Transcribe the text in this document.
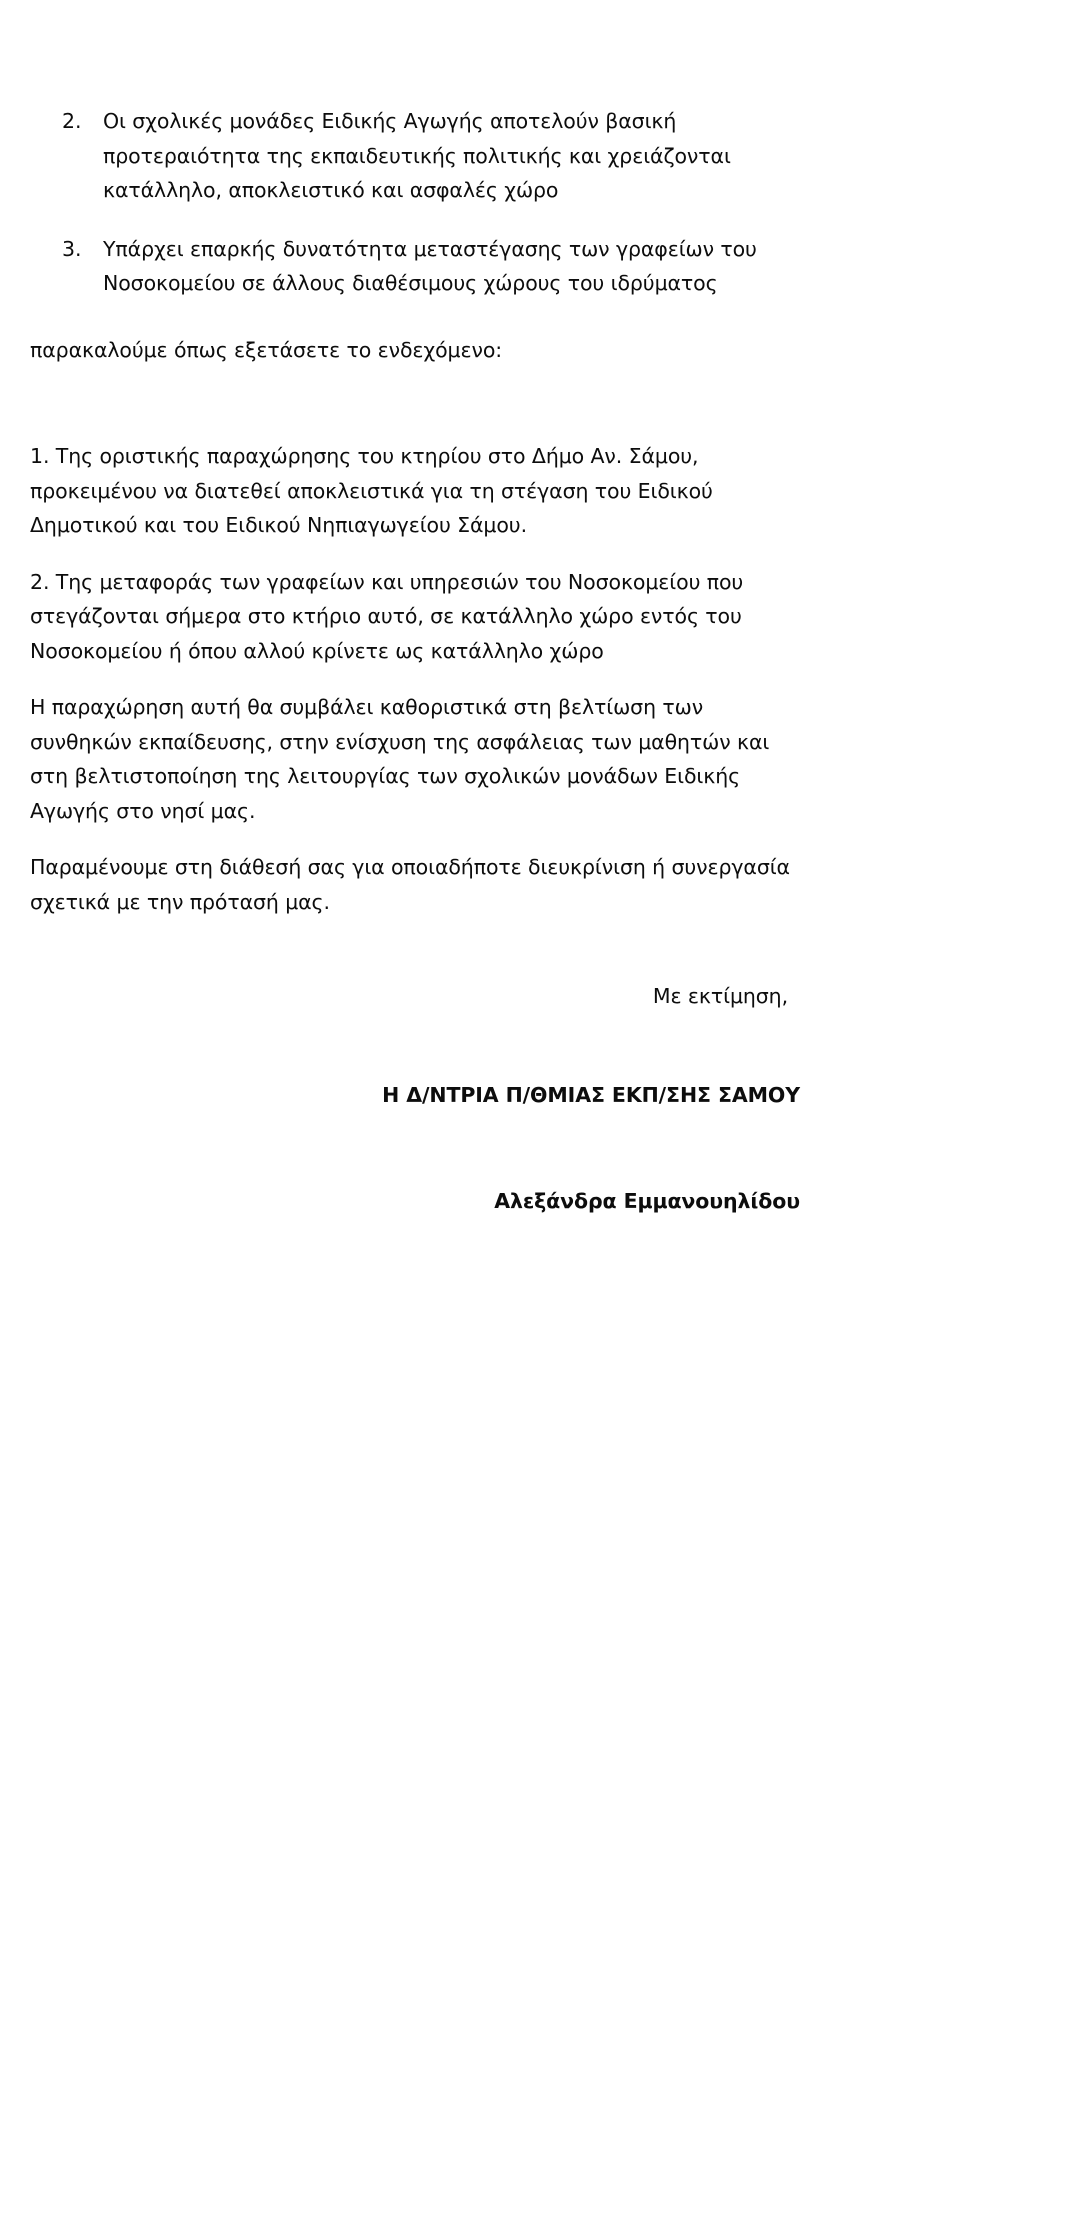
2.	Οι σχολικές μονάδες Ειδικής Αγωγής αποτελούν βασική προτεραιότητα της εκπαιδευτικής πολιτικής και χρειάζονται κατάλληλο, αποκλειστικό και ασφαλές χώρο
3.	Υπάρχει επαρκής δυνατότητα μεταστέγασης των γραφείων του Νοσοκομείου σε άλλους διαθέσιμους χώρους του ιδρύματος

παρακαλούμε όπως εξετάσετε το ενδεχόμενο:

1. Της οριστικής παραχώρησης του κτηρίου στο Δήμο Αν. Σάμου, προκειμένου να διατεθεί αποκλειστικά για τη στέγαση του Ειδικού Δημοτικού και του Ειδικού Νηπιαγωγείου Σάμου.

2. Της μεταφοράς των γραφείων και υπηρεσιών του Νοσοκομείου που στεγάζονται σήμερα στο κτήριο αυτό, σε κατάλληλο χώρο εντός του Νοσοκομείου ή όπου αλλού κρίνετε ως κατάλληλο χώρο

Η παραχώρηση αυτή θα συμβάλει καθοριστικά στη βελτίωση των συνθηκών εκπαίδευσης, στην ενίσχυση της ασφάλειας των μαθητών και στη βελτιστοποίηση της λειτουργίας των σχολικών μονάδων Ειδικής Αγωγής στο νησί μας.

Παραμένουμε στη διάθεσή σας για οποιαδήποτε διευκρίνιση ή συνεργασία σχετικά με την πρότασή μας.

Με εκτίμηση,

Η Δ/ΝΤΡΙΑ Π/ΘΜΙΑΣ ΕΚΠ/ΣΗΣ ΣΑΜΟΥ

Αλεξάνδρα Εμμανουηλίδου
